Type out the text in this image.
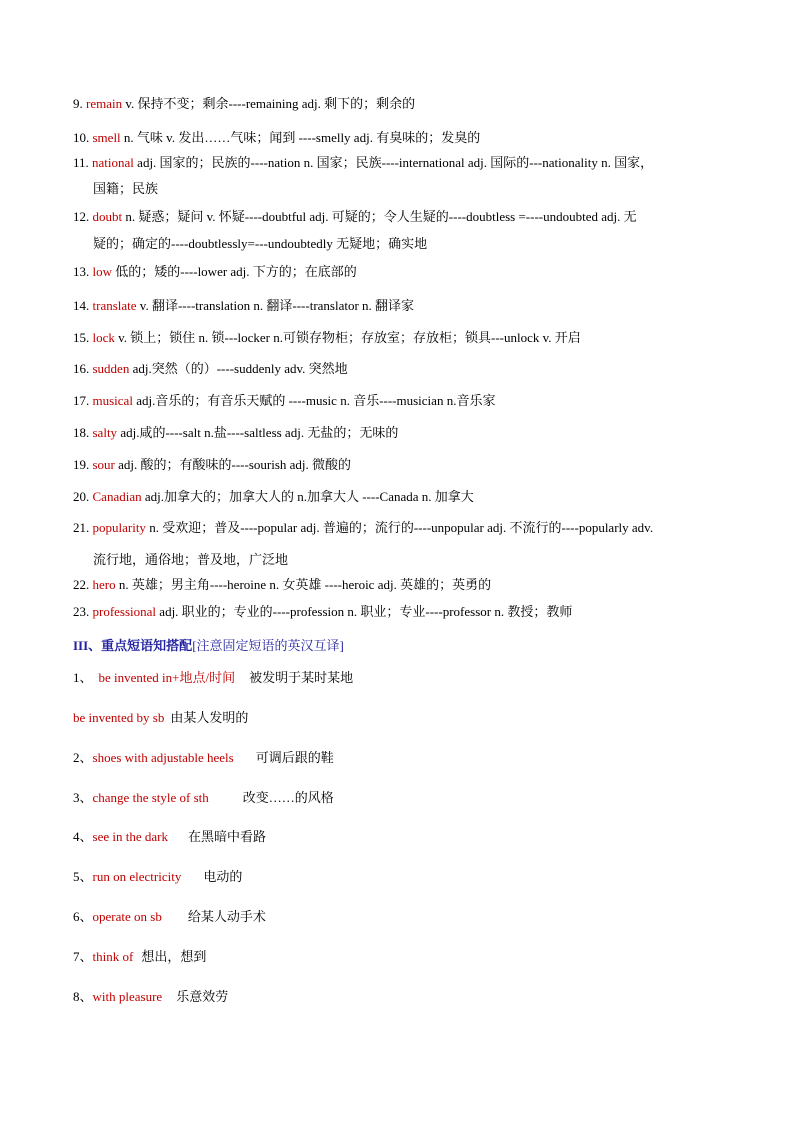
9. remain v. 保持不变；剩余----remaining adj. 剩下的；剩余的
10. smell n. 气味 v. 发出……气味；闻到 ----smelly adj. 有臭味的；发臭的
11. national adj. 国家的；民族的----nation n. 国家；民族----international adj. 国际的---nationality n. 国家，
国籍；民族
12. doubt n. 疑惑；疑问 v. 怀疑----doubtful adj. 可疑的；令人生疑的----doubtless =----undoubted adj. 无
疑的；确定的----doubtlessly=---undoubtedly 无疑地；确实地
13. low 低的；矮的----lower adj. 下方的；在底部的
14. translate v. 翻译----translation n. 翻译----translator n. 翻译家
15. lock v. 锁上；锁住 n. 锁---locker n.可锁存物柜；存放室；存放柜；锁具---unlock v. 开启
16. sudden adj.突然（的）----suddenly adv. 突然地
17. musical adj.音乐的；有音乐天赋的 ----music n. 音乐----musician n.音乐家
18. salty adj.咸的----salt n.盐----saltless adj. 无盐的；无味的
19. sour adj. 酸的；有酸味的----sourish adj. 微酸的
20. Canadian adj.加拿大的；加拿大人的 n.加拿大人 ----Canada n. 加拿大
21. popularity n. 受欢迎；普及----popular adj. 普遍的；流行的----unpopular adj. 不流行的----popularly adv.
流行地，通俗地；普及地，广泛地
22. hero n. 英雄；男主角----heroine n. 女英雄 ----heroic adj. 英雄的；英勇的
23. professional adj. 职业的；专业的----profession n. 职业；专业----professor n. 教授；教师
III、重点短语知搭配[注意固定短语的英汉互译]
1、be invented in+地点/时间 被发明于某时某地
be invented by sb 由某人发明的
2、shoes with adjustable heels 可调后跟的鞋
3、change the style of sth	改变……的风格
4、see in the dark 在黑暗中看路
5、run on electricity 电动的
6、operate on sb 给某人动手术
7、think of 想出，想到
8、with pleasure 乐意效劳
